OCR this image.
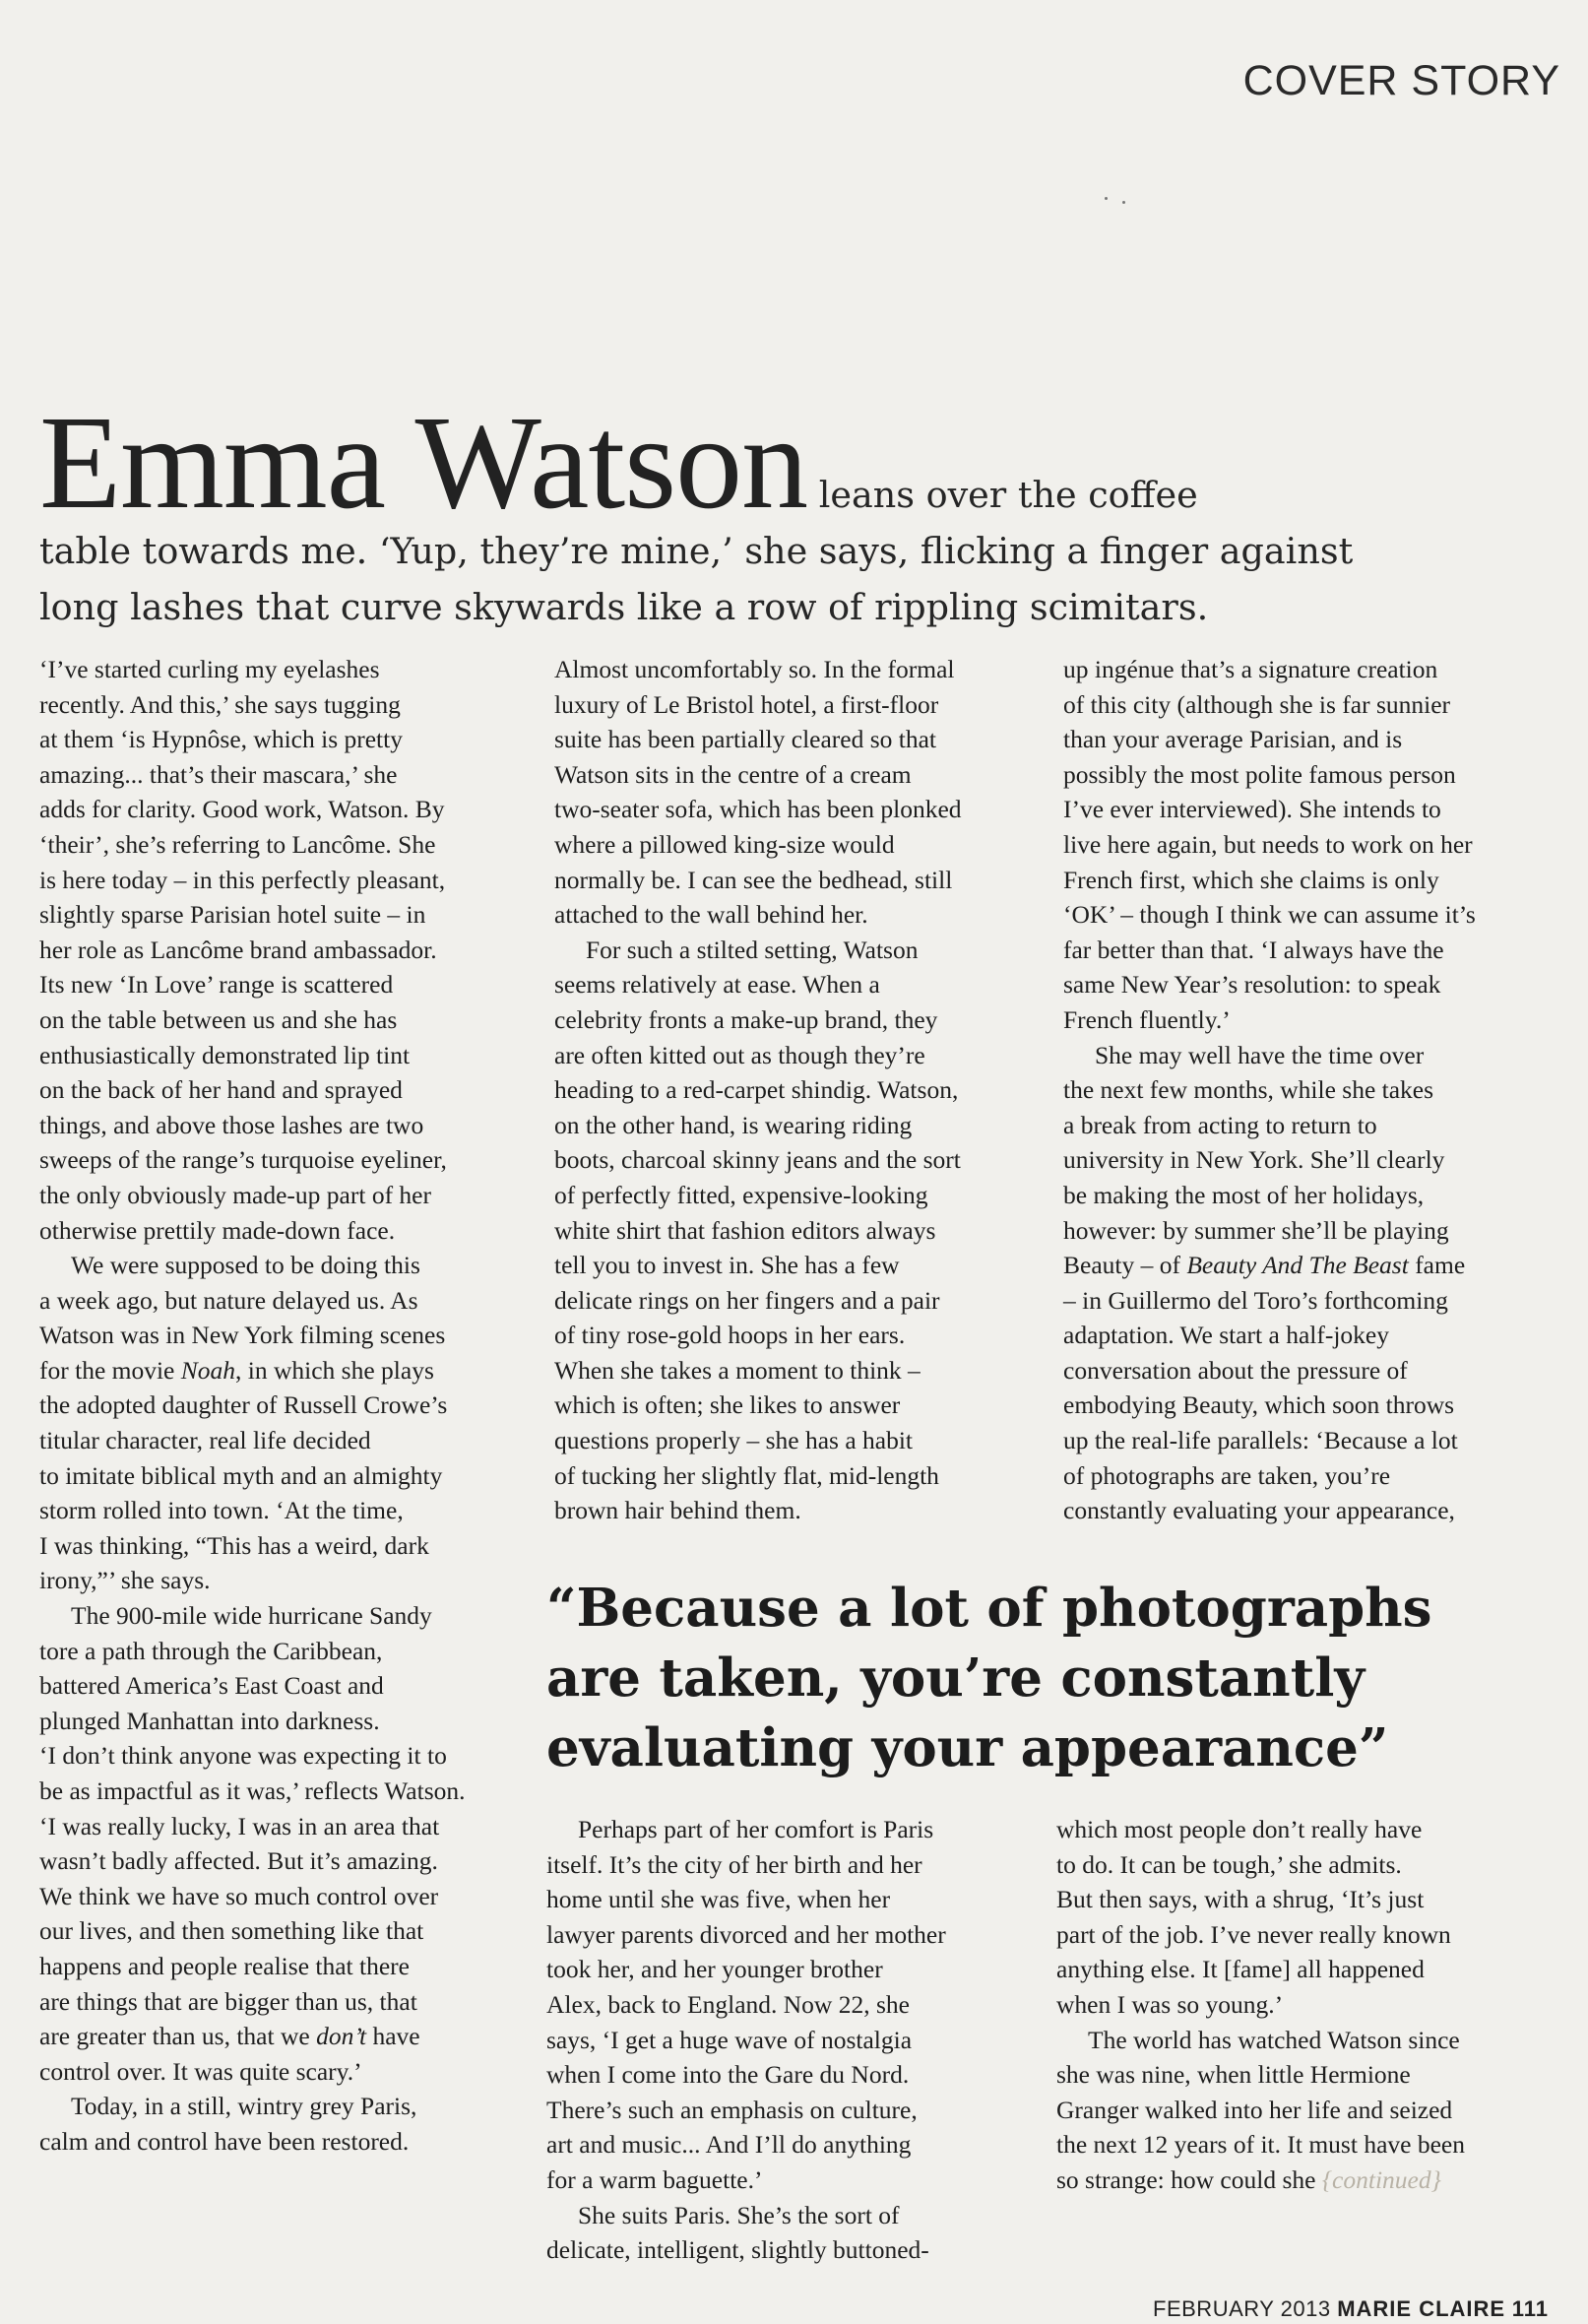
COVER STORY
Emma Watson leans over the coffee
table towards me. ‘Yup, they’re mine,’ she says, flicking a finger against
long lashes that curve skywards like a row of rippling scimitars.

‘I’ve started curling my eyelashes

recently. And this,’ she says tugging

at them ‘is Hypnôse, which is pretty

amazing... that’s their mascara,’ she

adds for clarity. Good work, Watson. By

‘their’, she’s referring to Lancôme. She

is here today – in this perfectly pleasant,

slightly sparse Parisian hotel suite – in

her role as Lancôme brand ambassador.

Its new ‘In Love’ range is scattered

on the table between us and she has

enthusiastically demonstrated lip tint

on the back of her hand and sprayed

things, and above those lashes are two

sweeps of the range’s turquoise eyeliner,

the only obviously made-up part of her

otherwise prettily made-down face.

We were supposed to be doing this

a week ago, but nature delayed us. As

Watson was in New York filming scenes

for the movie Noah, in which she plays

the adopted daughter of Russell Crowe’s

titular character, real life decided

to imitate biblical myth and an almighty

storm rolled into town. ‘At the time,

I was thinking, “This has a weird, dark

irony,”’ she says.

The 900-mile wide hurricane Sandy

tore a path through the Caribbean,

battered America’s East Coast and

plunged Manhattan into darkness.

‘I don’t think anyone was expecting it to

be as impactful as it was,’ reflects Watson.

‘I was really lucky, I was in an area that

wasn’t badly affected. But it’s amazing.

We think we have so much control over

our lives, and then something like that

happens and people realise that there

are things that are bigger than us, that

are greater than us, that we don’t have

control over. It was quite scary.’

Today, in a still, wintry grey Paris,

calm and control have been restored.

Almost uncomfortably so. In the formal

luxury of Le Bristol hotel, a first-floor

suite has been partially cleared so that

Watson sits in the centre of a cream

two-seater sofa, which has been plonked

where a pillowed king-size would

normally be. I can see the bedhead, still

attached to the wall behind her.

For such a stilted setting, Watson

seems relatively at ease. When a

celebrity fronts a make-up brand, they

are often kitted out as though they’re

heading to a red-carpet shindig. Watson,

on the other hand, is wearing riding

boots, charcoal skinny jeans and the sort

of perfectly fitted, expensive-looking

white shirt that fashion editors always

tell you to invest in. She has a few

delicate rings on her fingers and a pair

of tiny rose-gold hoops in her ears.

When she takes a moment to think –

which is often; she likes to answer

questions properly – she has a habit

of tucking her slightly flat, mid-length

brown hair behind them.

up ingénue that’s a signature creation

of this city (although she is far sunnier

than your average Parisian, and is

possibly the most polite famous person

I’ve ever interviewed). She intends to

live here again, but needs to work on her

French first, which she claims is only

‘OK’ – though I think we can assume it’s

far better than that. ‘I always have the

same New Year’s resolution: to speak

French fluently.’

She may well have the time over

the next few months, while she takes

a break from acting to return to

university in New York. She’ll clearly

be making the most of her holidays,

however: by summer she’ll be playing

Beauty – of Beauty And The Beast fame

– in Guillermo del Toro’s forthcoming

adaptation. We start a half-jokey

conversation about the pressure of

embodying Beauty, which soon throws

up the real-life parallels: ‘Because a lot

of photographs are taken, you’re

constantly evaluating your appearance,

“Because a lot of photographs
are taken, you’re constantly
evaluating your appearance”

Perhaps part of her comfort is Paris

itself. It’s the city of her birth and her

home until she was five, when her

lawyer parents divorced and her mother

took her, and her younger brother

Alex, back to England. Now 22, she

says, ‘I get a huge wave of nostalgia

when I come into the Gare du Nord.

There’s such an emphasis on culture,

art and music... And I’ll do anything

for a warm baguette.’

She suits Paris. She’s the sort of

delicate, intelligent, slightly buttoned-

which most people don’t really have

to do. It can be tough,’ she admits.

But then says, with a shrug, ‘It’s just

part of the job. I’ve never really known

anything else. It [fame] all happened

when I was so young.’

The world has watched Watson since

she was nine, when little Hermione

Granger walked into her life and seized

the next 12 years of it. It must have been

so strange: how could she {continued}

FEBRUARY 2013 MARIE CLAIRE 111
